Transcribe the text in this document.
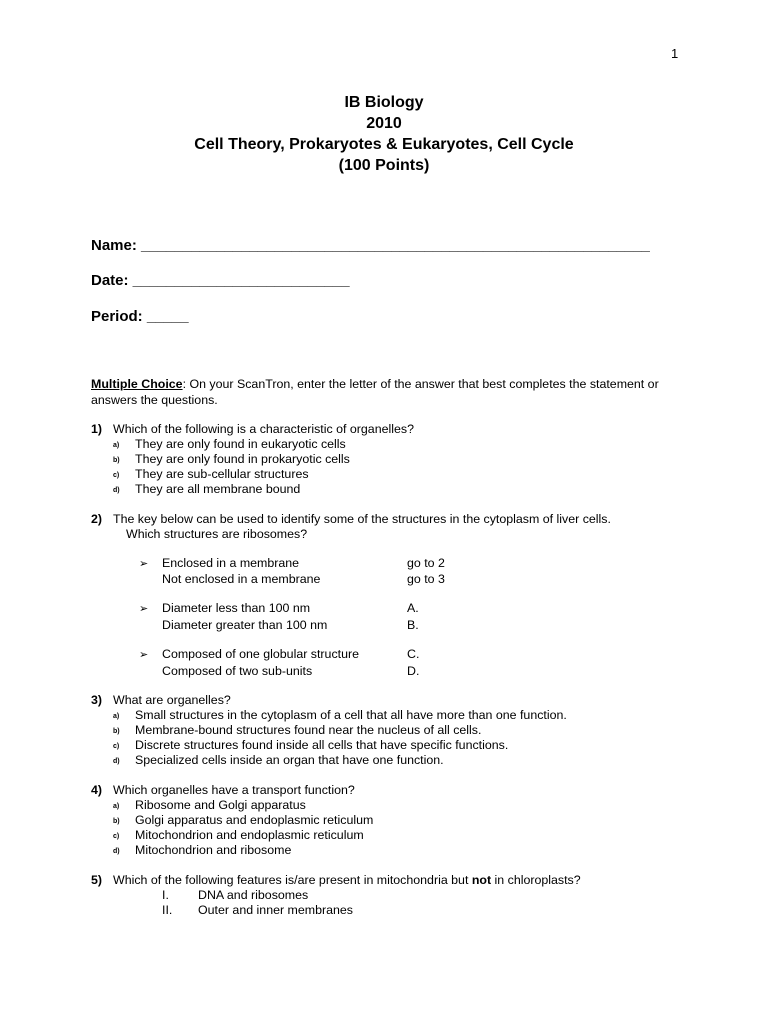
1
IB Biology
2010
Cell Theory, Prokaryotes & Eukaryotes, Cell Cycle
(100 Points)
Name: _____________________________________________________________
Date: __________________________
Period: _____
Multiple Choice: On your ScanTron, enter the letter of the answer that best completes the statement or
answers the questions.
1) Which of the following is a characteristic of organelles?
a) They are only found in eukaryotic cells
b) They are only found in prokaryotic cells
c) They are sub-cellular structures
d) They are all membrane bound
2) The key below can be used to identify some of the structures in the cytoplasm of liver cells.
Which structures are ribosomes?
➢ Enclosed in a membrane	go to 2
Not enclosed in a membrane	go to 3
➢ Diameter less than 100 nm	A.
Diameter greater than 100 nm	B.
➢ Composed of one globular structure	C.
Composed of two sub-units	D.
3) What are organelles?
a) Small structures in the cytoplasm of a cell that all have more than one function.
b) Membrane-bound structures found near the nucleus of all cells.
c) Discrete structures found inside all cells that have specific functions.
d) Specialized cells inside an organ that have one function.
4) Which organelles have a transport function?
a) Ribosome and Golgi apparatus
b) Golgi apparatus and endoplasmic reticulum
c) Mitochondrion and endoplasmic reticulum
d) Mitochondrion and ribosome
5) Which of the following features is/are present in mitochondria but not in chloroplasts?
I. DNA and ribosomes
II. Outer and inner membranes
